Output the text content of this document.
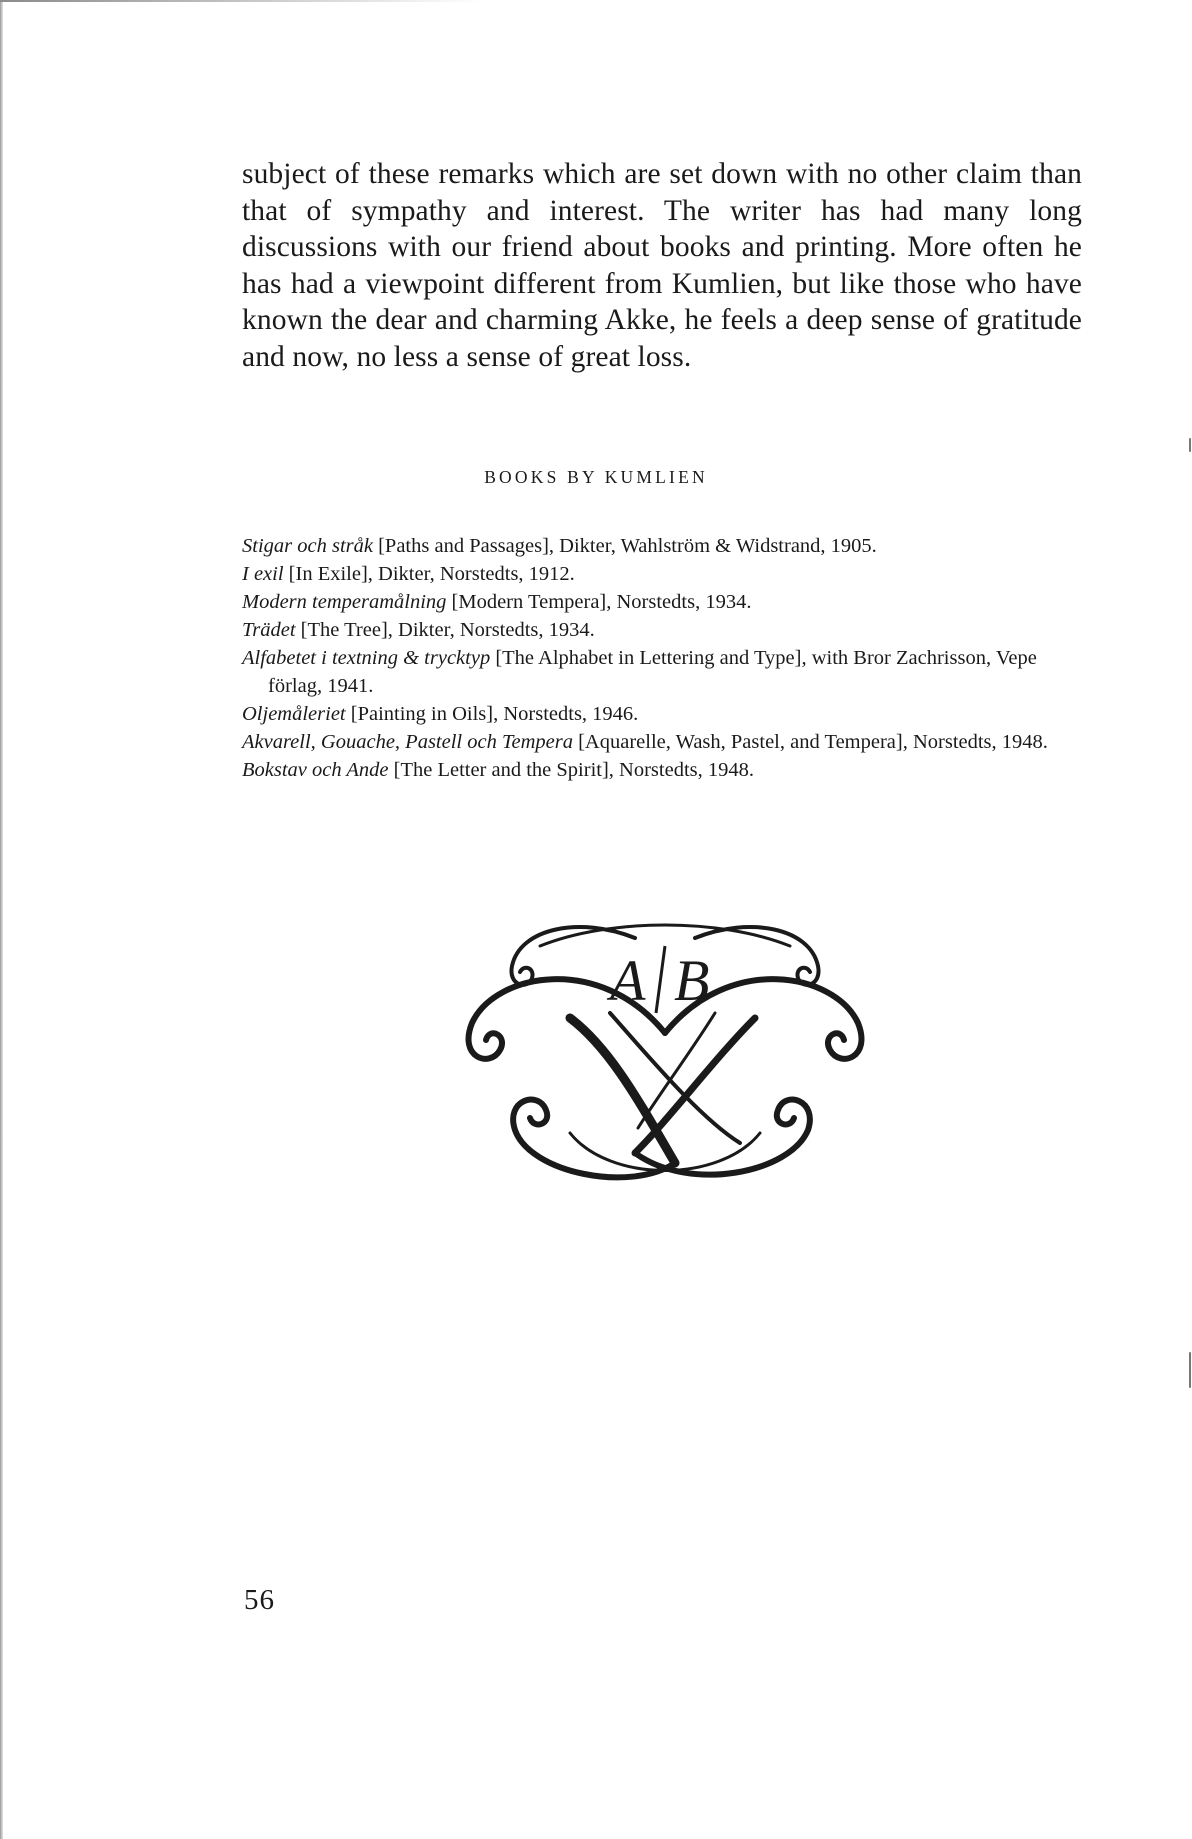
subject of these remarks which are set down with no other claim than that of sympathy and interest. The writer has had many long discussions with our friend about books and printing. More often he has had a viewpoint different from Kumlien, but like those who have known the dear and charming Akke, he feels a deep sense of gratitude and now, no less a sense of great loss.

BOOKS BY KUMLIEN
Stigar och stråk [Paths and Passages], Dikter, Wahlström & Widstrand, 1905.
I exil [In Exile], Dikter, Norstedts, 1912.
Modern temperamålning [Modern Tempera], Norstedts, 1934.
Trädet [The Tree], Dikter, Norstedts, 1934.
Alfabetet i textning & trycktyp [The Alphabet in Lettering and Type], with Bror Zachrisson, Vepe förlag, 1941.
Oljemåleriet [Painting in Oils], Norstedts, 1946.
Akvarell, Gouache, Pastell och Tempera [Aquarelle, Wash, Pastel, and Tempera], Norstedts, 1948.
Bokstav och Ande [The Letter and the Spirit], Norstedts, 1948.
A B
56
